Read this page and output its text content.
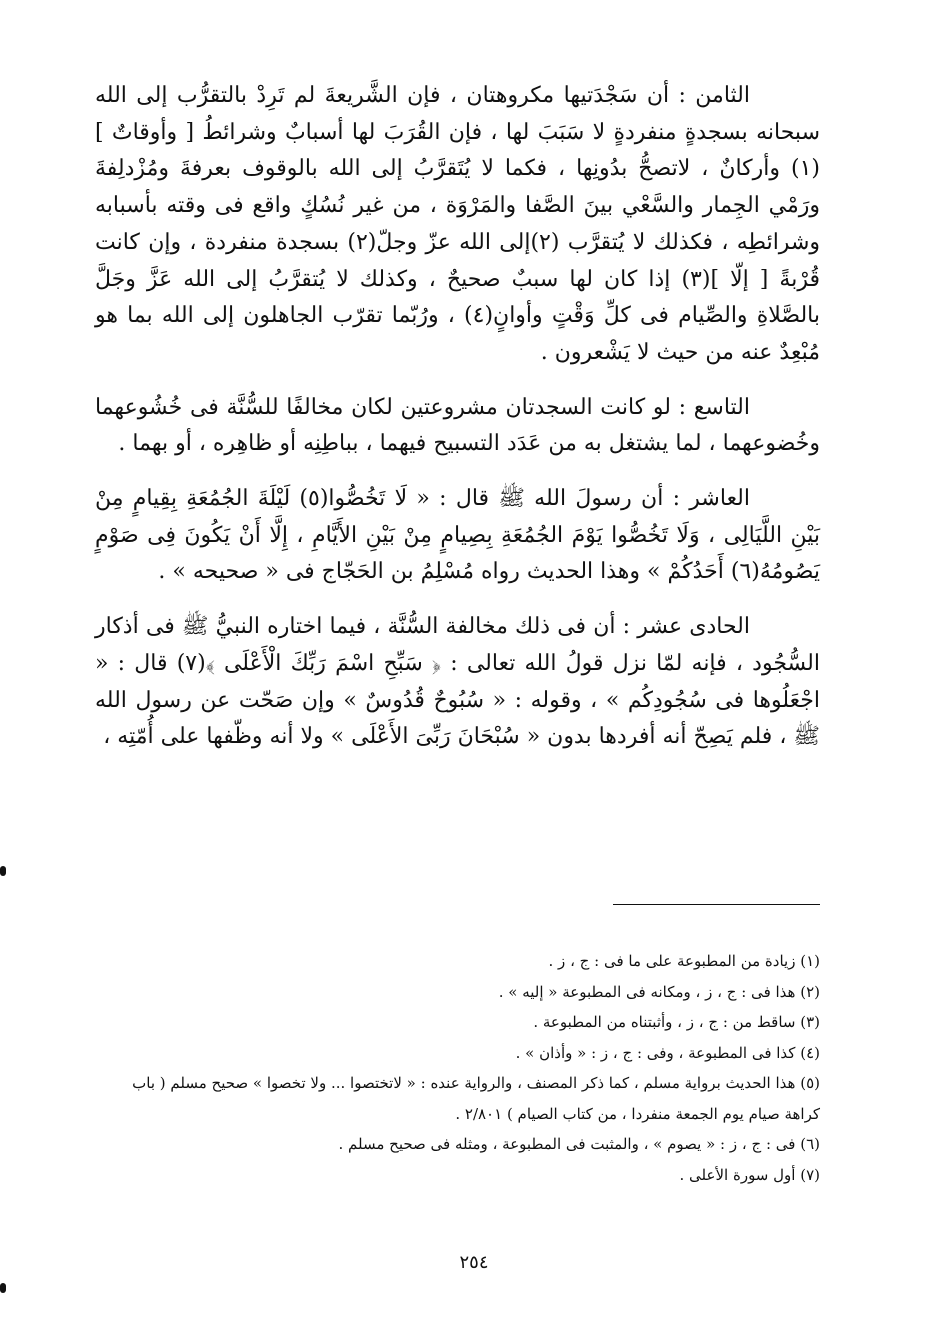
الثامن : أن سَجْدَتيها مكروهتان ، فإن الشَّريعةَ لم تَرِدْ بالتقرُّب إلى الله سبحانه بسجدةٍ منفردةٍ لا سَبَبَ لها ، فإن القُرَبَ لها أسبابٌ وشرائطُ [ وأوقاتٌ ](١) وأركانٌ ، لاتصحُّ بدُونِها ، فكما لا يُتَقرَّبُ إلى الله بالوقوف بعرفةَ ومُزْدلِفةَ ورَمْي الجِمار والسَّعْي بينَ الصَّفا والمَرْوَة ، من غير نُسُكٍ واقع فى وقته بأسبابه وشرائطِه ، فكذلك لا يُتقرَّب (٢)إلى الله عزّ وجلّ(٢) بسجدة منفردة ، وإن كانت قُرْبةً [ إلّا ](٣) إذا كان لها سببٌ صحيحٌ ، وكذلك لا يُتقرَّبُ إلى الله عَزَّ وجَلَّ بالصَّلاةِ والصِّيام فى كلِّ وَقْتٍ وأوانٍ(٤) ، ورُبّما تقرّب الجاهلون إلى الله بما هو مُبْعِدٌ عنه من حيث لا يَشْعرون .

التاسع : لو كانت السجدتان مشروعتين لكان مخالفًا للسُّنَّة فى خُشُوعهما وخُضوعهما ، لما يشتغل به من عَدَد التسبيح فيهما ، بباطِنِه أو ظاهِره ، أو بهما .

العاشر : أن رسولَ الله ﷺ قال : « لَا تَخُصُّوا(٥) لَيْلَةَ الجُمُعَةِ بِقِيامٍ مِنْ بَيْنِ اللَّيَالِى ، وَلَا تَخُصُّوا يَوْمَ الجُمُعَةِ بِصِيامٍ مِنْ بَيْنِ الأَيَّامِ ، إِلَّا أَنْ يَكُونَ فِى صَوْمٍ يَصُومُهُ(٦) أَحَدُكُمْ » وهذا الحديث رواه مُسْلِمُ بن الحَجّاج فى « صحيحه » .

الحادى عشر : أن فى ذلك مخالفة السُّنَّة ، فيما اختاره النبيُّ ﷺ فى أذكار السُّجُود ، فإنه لمّا نزل قولُ الله تعالى : ﴿ سَبِّحِ اسْمَ رَبِّكَ الْأَعْلَى ﴾(٧) قال : « اجْعَلُوها فى سُجُودِكُم » ، وقوله : « سُبُوحٌ قُدُوسٌ » وإن صَحّت عن رسول الله ﷺ ، فلم يَصِحّ أنه أفردها بدون « سُبْحَانَ رَبِّىَ الأَعْلَى » ولا أنه وظّفها على أُمّتِه ،

(١) زيادة من المطبوعة على ما فى : ج ، ز .

(٢) هذا فى : ج ، ز ، ومكانه فى المطبوعة « إليه » .

(٣) ساقط من : ج ، ز ، وأثبتناه من المطبوعة .

(٤) كذا فى المطبوعة ، وفى : ج ، ز : « وأذان » .

(٥) هذا الحديث برواية مسلم ، كما ذكر المصنف ، والرواية عنده : « لاتختصوا ... ولا تخصوا » صحيح مسلم ( باب كراهة صيام يوم الجمعة منفردا ، من كتاب الصيام ) ٢/٨٠١ .

(٦) فى : ج ، ز : « يصوم » ، والمثبت فى المطبوعة ، ومثله فى صحيح مسلم .

(٧) أول سورة الأعلى .

٢٥٤
